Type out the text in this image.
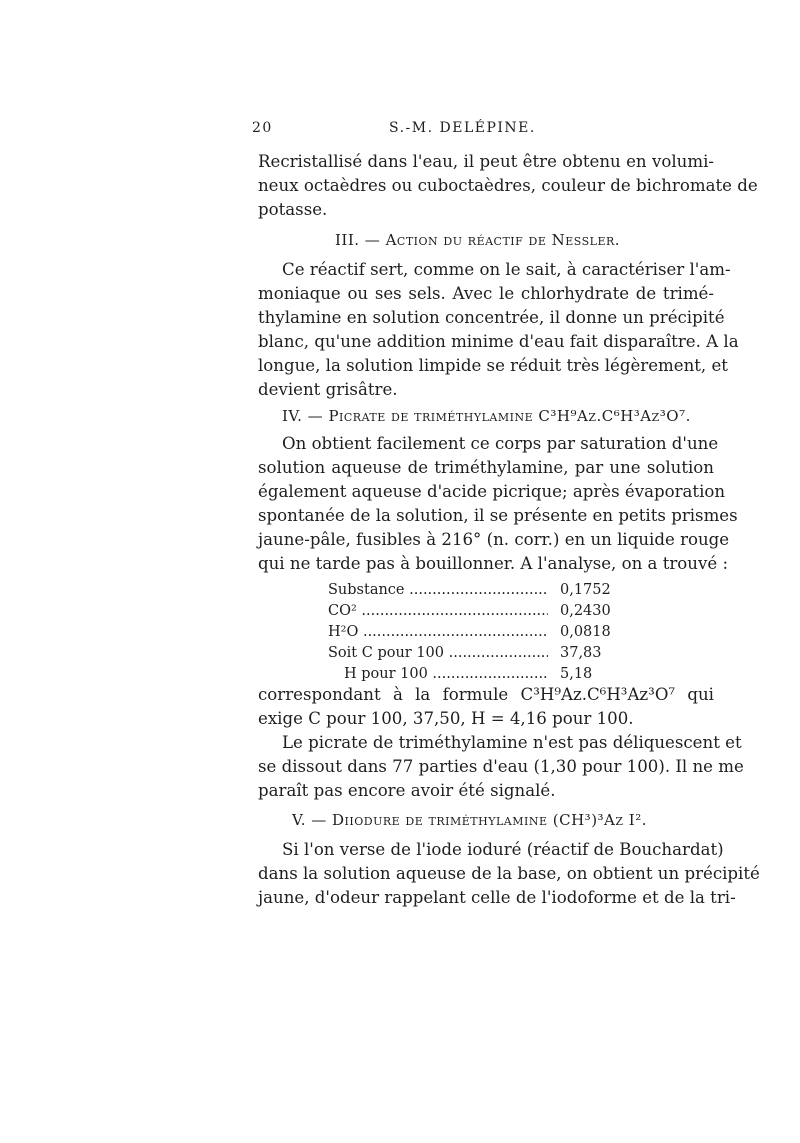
20	S.-M. DELÉPINE.
Recristallisé dans l'eau, il peut être obtenu en volumi-
neux octaèdres ou cuboctaèdres, couleur de bichromate de
potasse.
III. — Action du réactif de Nessler.
Ce réactif sert, comme on le sait, à caractériser l'am-
moniaque ou ses sels. Avec le chlorhydrate de trimé-
thylamine en solution concentrée, il donne un précipité
blanc, qu'une addition minime d'eau fait disparaître. A la
longue, la solution limpide se réduit très légèrement, et
devient grisâtre.
IV. — Picrate de triméthylamine C³H⁹Az.C⁶H³Az³O⁷.
On obtient facilement ce corps par saturation d'une
solution aqueuse de triméthylamine, par une solution
également aqueuse d'acide picrique; après évaporation
spontanée de la solution, il se présente en petits prismes
jaune-pâle, fusibles à 216° (n. corr.) en un liquide rouge
qui ne tarde pas à bouillonner. A l'analyse, on a trouvé :
Substance .....	0,1752
CO² .....	0,2430
H²O .....	0,0818
Soit C pour 100 .....	37,83
H pour 100 .....	5,18
correspondant à la formule C³H⁹Az.C⁶H³Az³O⁷ qui
exige C pour 100, 37,50, H = 4,16 pour 100.
Le picrate de triméthylamine n'est pas déliquescent et
se dissout dans 77 parties d'eau (1,30 pour 100). Il ne me
paraît pas encore avoir été signalé.
V. — Diiodure de triméthylamine (CH³)³Az I².
Si l'on verse de l'iode ioduré (réactif de Bouchardat)
dans la solution aqueuse de la base, on obtient un précipité
jaune, d'odeur rappelant celle de l'iodoforme et de la tri-
